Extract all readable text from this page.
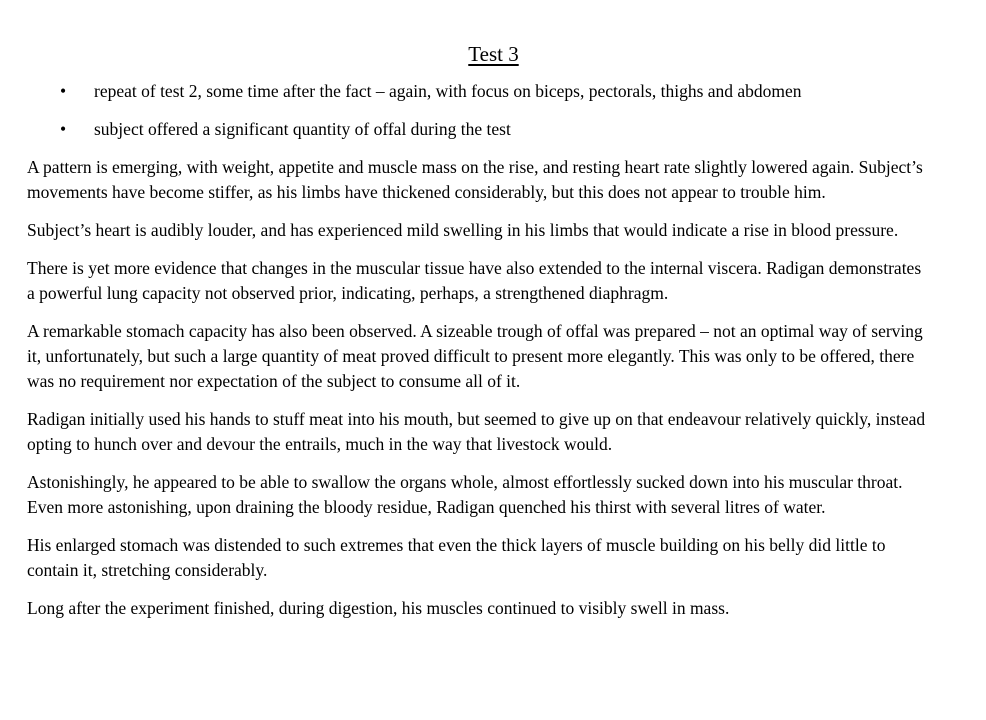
Test 3
• repeat of test 2, some time after the fact – again, with focus on biceps, pectorals, thighs and abdomen
• subject offered a significant quantity of offal during the test

A pattern is emerging, with weight, appetite and muscle mass on the rise, and resting heart rate slightly lowered again. Subject’s movements have become stiffer, as his limbs have thickened considerably, but this does not appear to trouble him.

Subject’s heart is audibly louder, and has experienced mild swelling in his limbs that would indicate a rise in blood pressure.

There is yet more evidence that changes in the muscular tissue have also extended to the internal viscera. Radigan demonstrates a powerful lung capacity not observed prior, indicating, perhaps, a strengthened diaphragm.

A remarkable stomach capacity has also been observed. A sizeable trough of offal was prepared – not an optimal way of serving it, unfortunately, but such a large quantity of meat proved difficult to present more elegantly. This was only to be offered, there was no requirement nor expectation of the subject to consume all of it.

Radigan initially used his hands to stuff meat into his mouth, but seemed to give up on that endeavour relatively quickly, instead opting to hunch over and devour the entrails, much in the way that livestock would.

Astonishingly, he appeared to be able to swallow the organs whole, almost effortlessly sucked down into his muscular throat. Even more astonishing, upon draining the bloody residue, Radigan quenched his thirst with several litres of water.

His enlarged stomach was distended to such extremes that even the thick layers of muscle building on his belly did little to contain it, stretching considerably.

Long after the experiment finished, during digestion, his muscles continued to visibly swell in mass.
